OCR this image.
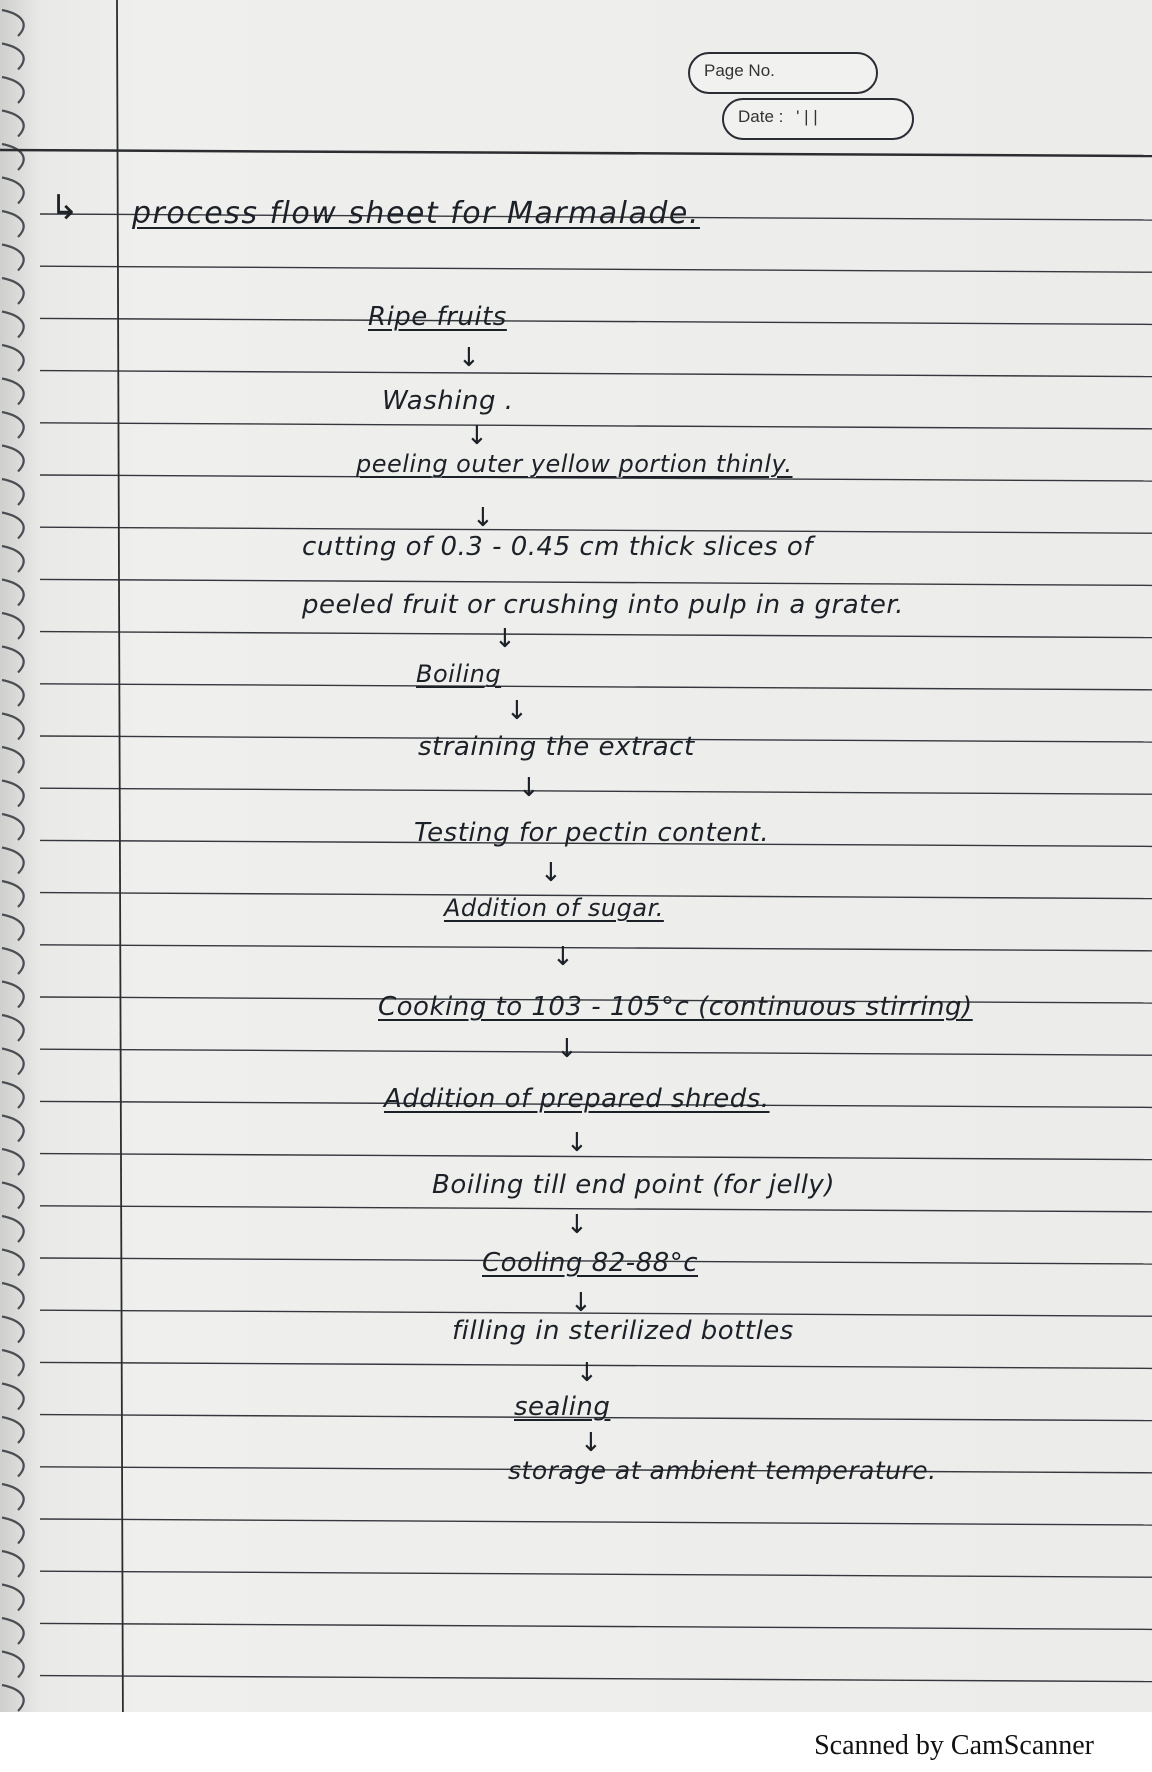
Page No.
Date : ' | |
↳ process flow sheet for Marmalade.
Ripe fruits
↓
Washing .
↓
peeling outer yellow portion thinly.
↓
cutting of 0.3 - 0.45 cm thick slices of
peeled fruit or crushing into pulp in a grater.
↓
Boiling
↓
straining the extract
↓
Testing for pectin content.
↓
Addition of sugar.
↓
Cooking to 103 - 105°c (continuous stirring)
↓
Addition of prepared shreds.
↓
Boiling till end point (for jelly)
↓
Cooling 82-88°c
↓
filling in sterilized bottles
↓
sealing
↓
storage at ambient temperature.
Scanned by CamScanner
